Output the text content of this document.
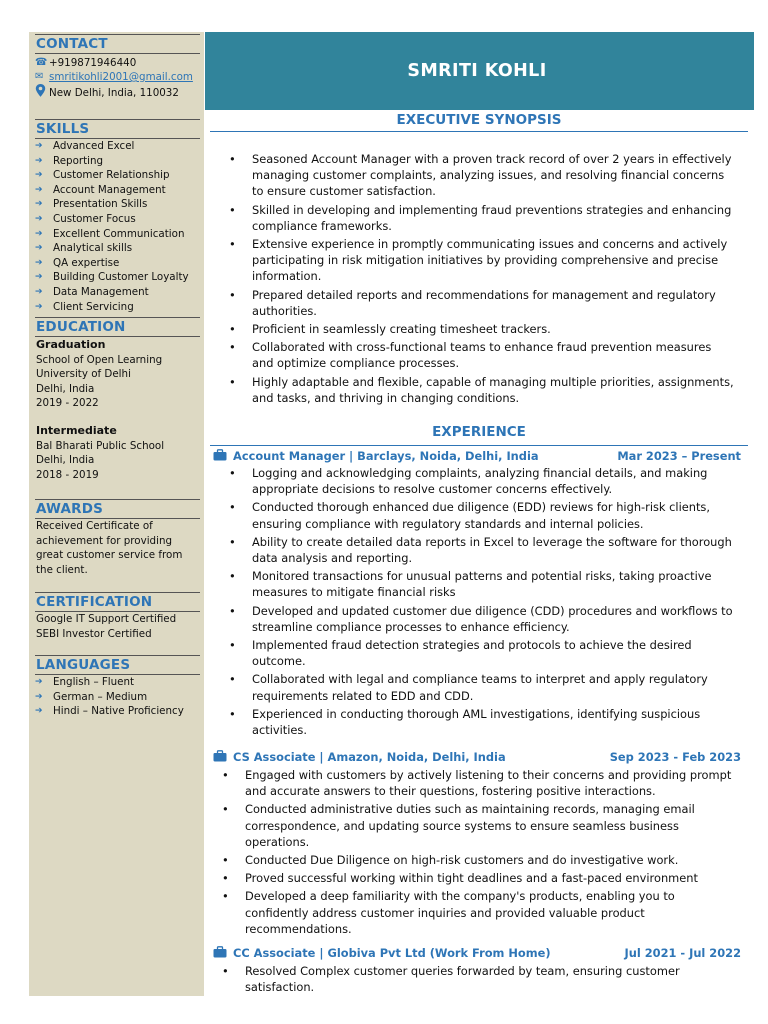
CONTACT
☎ +919871946440
✉ smritikohli2001@gmail.com
New Delhi, India, 110032
SKILLS
➔	Advanced Excel
➔	Reporting
➔	Customer Relationship
➔	Account Management
➔	Presentation Skills
➔	Customer Focus
➔	Excellent Communication
➔	Analytical skills
➔	QA expertise
➔	Building Customer Loyalty
➔	Data Management
➔	Client Servicing
EDUCATION
Graduation
School of Open Learning
University of Delhi
Delhi, India
2019 - 2022
Intermediate
Bal Bharati Public School
Delhi, India
2018 - 2019
AWARDS
Received Certificate of
achievement for providing
great customer service from
the client.
CERTIFICATION
Google IT Support Certified
SEBI Investor Certified
LANGUAGES
➔	English – Fluent
➔	German – Medium
➔	Hindi – Native Proficiency
SMRITI KOHLI
EXECUTIVE SYNOPSIS
•	Seasoned Account Manager with a proven track record of over 2 years in effectively managing customer complaints, analyzing issues, and resolving financial concerns to ensure customer satisfaction.
•	Skilled in developing and implementing fraud preventions strategies and enhancing compliance frameworks.
•	Extensive experience in promptly communicating issues and concerns and actively participating in risk mitigation initiatives by providing comprehensive and precise information.
•	Prepared detailed reports and recommendations for management and regulatory authorities.
•	Proficient in seamlessly creating timesheet trackers.
•	Collaborated with cross-functional teams to enhance fraud prevention measures and optimize compliance processes.
•	Highly adaptable and flexible, capable of managing multiple priorities, assignments, and tasks, and thriving in changing conditions.
EXPERIENCE
Account Manager | Barclays, Noida, Delhi, India	Mar 2023 – Present
•	Logging and acknowledging complaints, analyzing financial details, and making appropriate decisions to resolve customer concerns effectively.
•	Conducted thorough enhanced due diligence (EDD) reviews for high-risk clients, ensuring compliance with regulatory standards and internal policies.
•	Ability to create detailed data reports in Excel to leverage the software for thorough data analysis and reporting.
•	Monitored transactions for unusual patterns and potential risks, taking proactive measures to mitigate financial risks
•	Developed and updated customer due diligence (CDD) procedures and workflows to streamline compliance processes to enhance efficiency.
•	Implemented fraud detection strategies and protocols to achieve the desired outcome.
•	Collaborated with legal and compliance teams to interpret and apply regulatory requirements related to EDD and CDD.
•	Experienced in conducting thorough AML investigations, identifying suspicious activities.
CS Associate | Amazon, Noida, Delhi, India	Sep 2023 - Feb 2023
•	Engaged with customers by actively listening to their concerns and providing prompt and accurate answers to their questions, fostering positive interactions.
•	Conducted administrative duties such as maintaining records, managing email correspondence, and updating source systems to ensure seamless business operations.
•	Conducted Due Diligence on high-risk customers and do investigative work.
•	Proved successful working within tight deadlines and a fast-paced environment
•	Developed a deep familiarity with the company's products, enabling you to confidently address customer inquiries and provided valuable product recommendations.
CC Associate | Globiva Pvt Ltd (Work From Home)	Jul 2021 - Jul 2022
•	Resolved Complex customer queries forwarded by team, ensuring customer satisfaction.
